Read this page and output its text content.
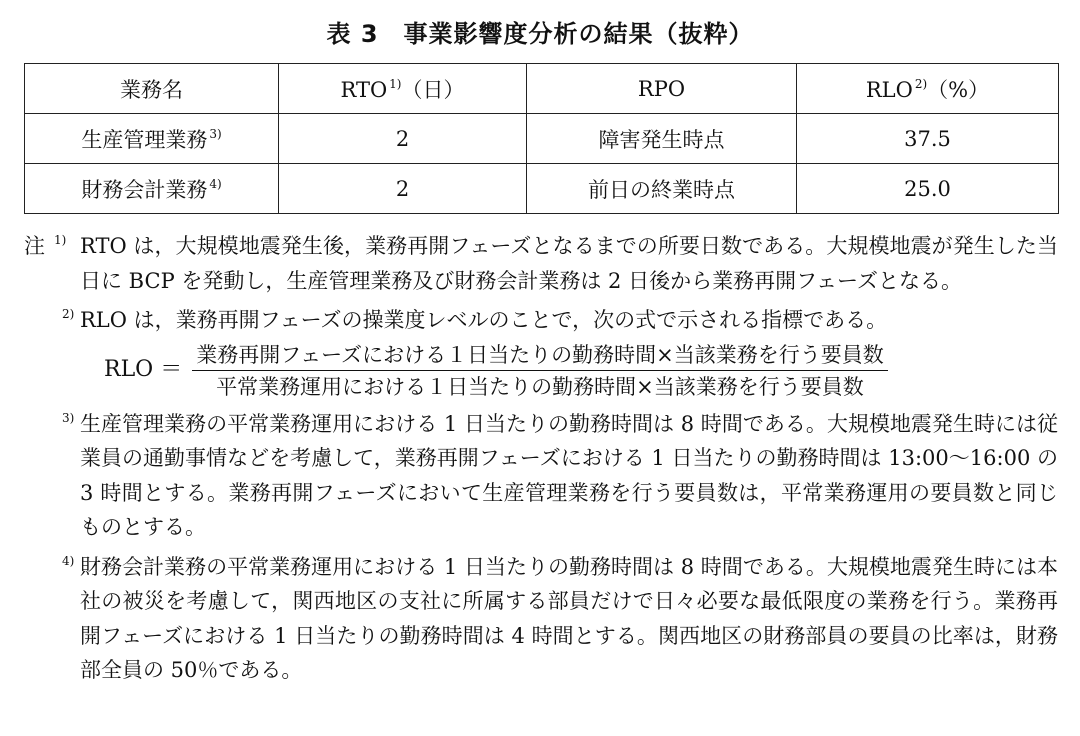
表 3　事業影響度分析の結果（抜粋）
業務名	RTO $^{1)}$（日）	RPO	RLO $^{2)}$（%）
生産管理業務 $^{3)}$	2	障害発生時点	37.5
財務会計業務 $^{4)}$	2	前日の終業時点	25.0
注 1) RTO は，大規模地震発生後，業務再開フェーズとなるまでの所要日数である。大規模地震が発生した当日に BCP を発動し，生産管理業務及び財務会計業務は 2 日後から業務再開フェーズとなる。
2) RLO は，業務再開フェーズの操業度レベルのことで，次の式で示される指標である。
RLO ＝ $\frac{\text{業務再開フェーズにおける１日当たりの勤務時間×当該業務を行う要員数}}{\text{平常業務運用における１日当たりの勤務時間×当該業務を行う要員数}}$
3) 生産管理業務の平常業務運用における 1 日当たりの勤務時間は 8 時間である。大規模地震発生時には従業員の通勤事情などを考慮して，業務再開フェーズにおける 1 日当たりの勤務時間は 13:00〜16:00 の 3 時間とする。業務再開フェーズにおいて生産管理業務を行う要員数は，平常業務運用の要員数と同じものとする。
4) 財務会計業務の平常業務運用における 1 日当たりの勤務時間は 8 時間である。大規模地震発生時には本社の被災を考慮して，関西地区の支社に所属する部員だけで日々必要な最低限度の業務を行う。業務再開フェーズにおける 1 日当たりの勤務時間は 4 時間とする。関西地区の財務部員の要員の比率は，財務部全員の 50％である。
